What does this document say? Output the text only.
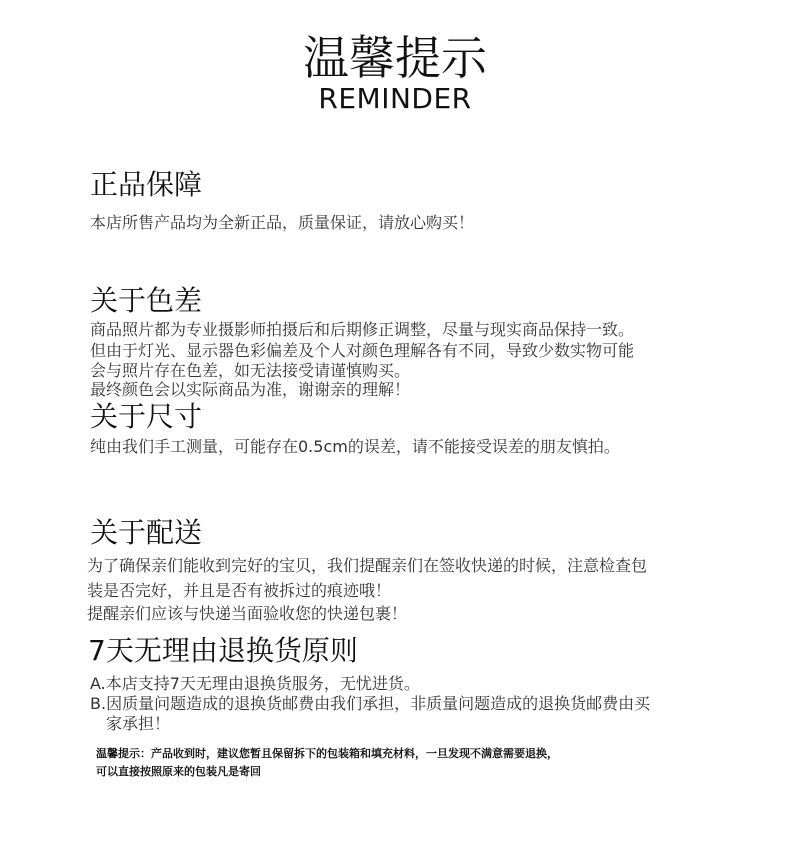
温馨提示
REMINDER
正品保障
本店所售产品均为全新正品，质量保证，请放心购买！
关于色差
商品照片都为专业摄影师拍摄后和后期修正调整，尽量与现实商品保持一致。
但由于灯光、显示器色彩偏差及个人对颜色理解各有不同，导致少数实物可能
会与照片存在色差，如无法接受请谨慎购买。
最终颜色会以实际商品为准，谢谢亲的理解！
关于尺寸
纯由我们手工测量，可能存在0.5cm的误差，请不能接受误差的朋友慎拍。
关于配送
为了确保亲们能收到完好的宝贝，我们提醒亲们在签收快递的时候，注意检查包
装是否完好，并且是否有被拆过的痕迹哦！
提醒亲们应该与快递当面验收您的快递包裹！
7天无理由退换货原则
A.本店支持7天无理由退换货服务，无忧进货。
B.因质量问题造成的退换货邮费由我们承担，非质量问题造成的退换货邮费由买
家承担！
温馨提示：产品收到时，建议您暂且保留拆下的包装箱和填充材料，一旦发现不满意需要退换，
可以直接按照原来的包装凡是寄回
